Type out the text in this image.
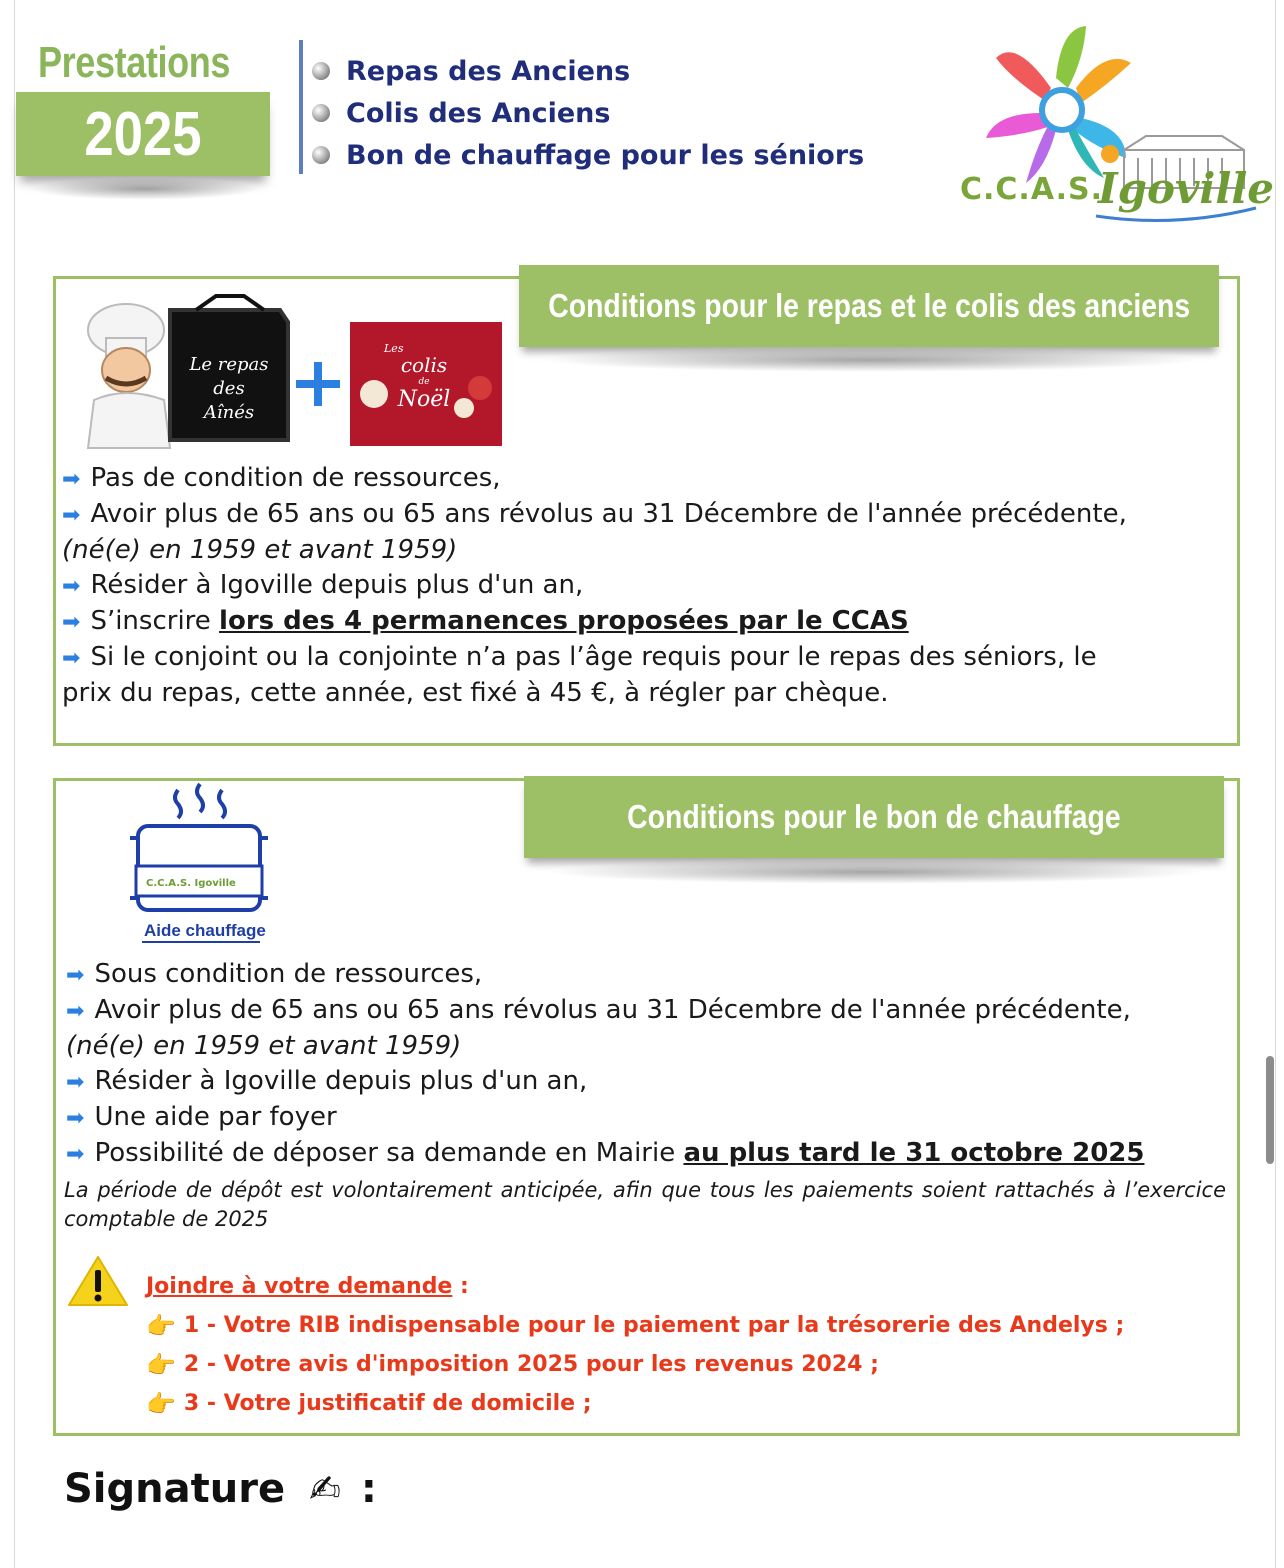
Prestations
2025
Repas des Anciens
Colis des Anciens
Bon de chauffage pour les séniors
C.C.A.S.
Igoville
Conditions pour le repas et le colis des anciens
Le repas
des
Aînés
Les
colis
de
Noël
➡ Pas de condition de ressources,
➡ Avoir plus de 65 ans ou 65 ans révolus au 31 Décembre de l'année précédente,
(né(e) en 1959 et avant 1959)
➡ Résider à Igoville depuis plus d'un an,
➡ S’inscrire lors des 4 permanences proposées par le CCAS
➡ Si le conjoint ou la conjointe n’a pas l’âge requis pour le repas des séniors, le
prix du repas, cette année, est fixé à 45 €, à régler par chèque.
Conditions pour le bon de chauffage
C.C.A.S. Igoville
Aide chauffage
➡ Sous condition de ressources,
➡ Avoir plus de 65 ans ou 65 ans révolus au 31 Décembre de l'année précédente,
(né(e) en 1959 et avant 1959)
➡ Résider à Igoville depuis plus d'un an,
➡ Une aide par foyer
➡ Possibilité de déposer sa demande en Mairie au plus tard le 31 octobre 2025
La période de dépôt est volontairement anticipée, afin que tous les paiements soient rattachés à l’exercice comptable de 2025
Joindre à votre demande :
👉 1 - Votre RIB indispensable pour le paiement par la trésorerie des Andelys ;
👉 2 - Votre avis d'imposition 2025 pour les revenus 2024 ;
👉 3 - Votre justificatif de domicile ;
Signature ✍ :
